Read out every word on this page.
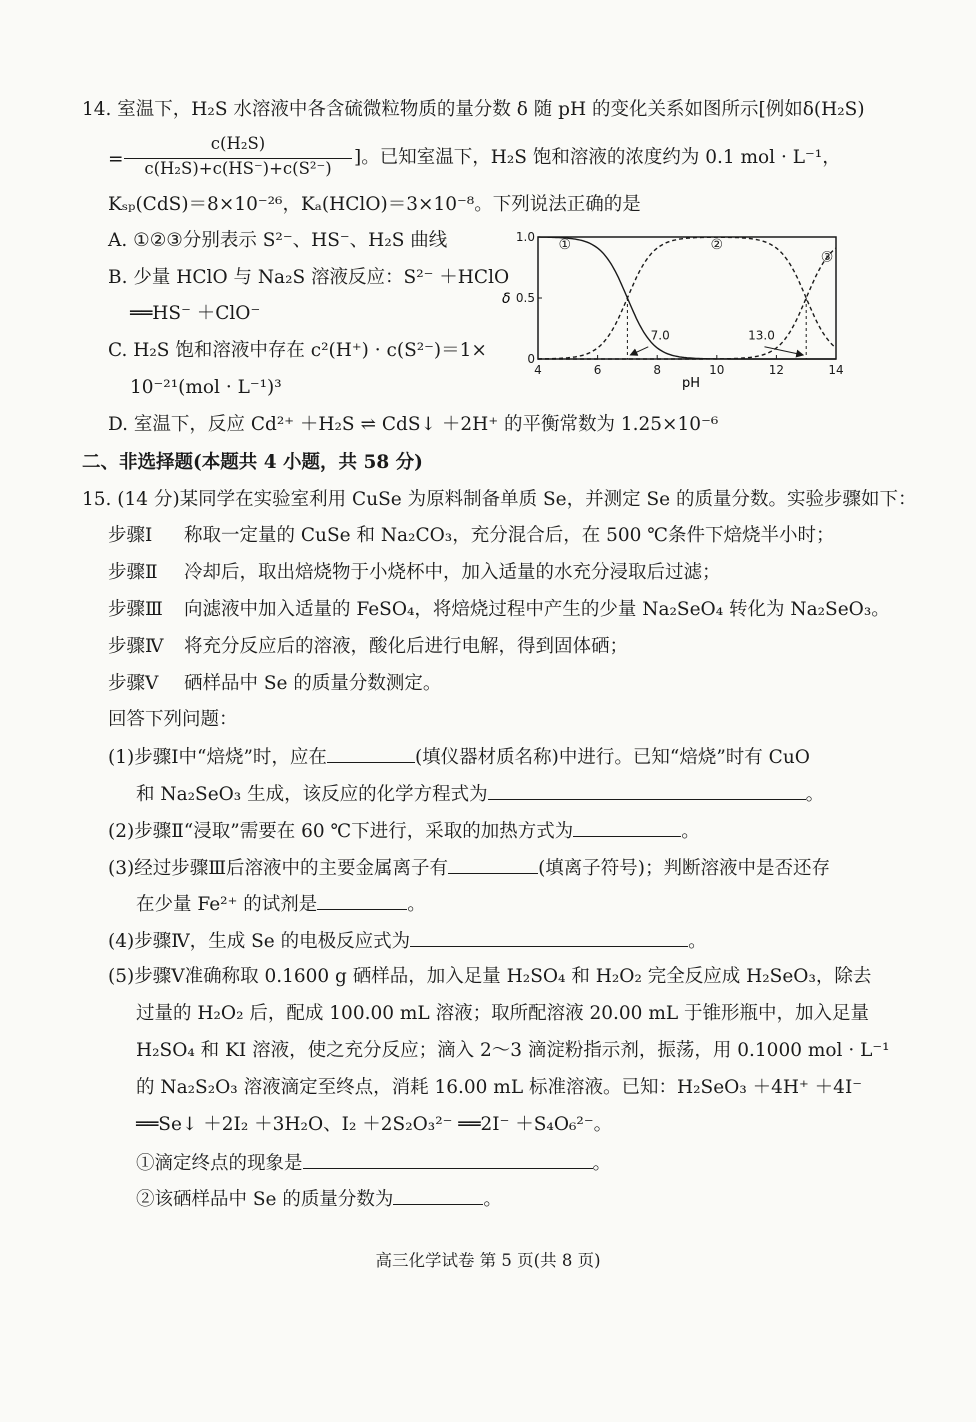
14. 室温下，H₂S 水溶液中各含硫微粒物质的量分数 δ 随 pH 的变化关系如图所示[例如δ(H₂S)
=
c(H₂S)
c(H₂S)+c(HS⁻)+c(S²⁻)
]。已知室温下，H₂S 饱和溶液的浓度约为 0.1 mol · L⁻¹，
Kₛₚ(CdS)＝8×10⁻²⁶，Kₐ(HClO)＝3×10⁻⁸。下列说法正确的是
A. ①②③分别表示 S²⁻、HS⁻、H₂S 曲线
B. 少量 HClO 与 Na₂S 溶液反应：S²⁻ ＋HClO
══HS⁻ ＋ClO⁻
C. H₂S 饱和溶液中存在 c²(H⁺) · c(S²⁻)＝1×
10⁻²¹(mol · L⁻¹)³
D. 室温下，反应 Cd²⁺ ＋H₂S ⇌ CdS↓ ＋2H⁺ 的平衡常数为 1.25×10⁻⁶
δ
pH
4	6	8	10	12	14
0
0.5
1.0
①	②
③
7.0	13.0
二、非选择题(本题共 4 小题，共 58 分)
15. (14 分)某同学在实验室利用 CuSe 为原料制备单质 Se，并测定 Se 的质量分数。实验步骤如下：
步骤Ⅰ 称取一定量的 CuSe 和 Na₂CO₃，充分混合后，在 500 ℃条件下焙烧半小时；
步骤Ⅱ 冷却后，取出焙烧物于小烧杯中，加入适量的水充分浸取后过滤；
步骤Ⅲ 向滤液中加入适量的 FeSO₄，将焙烧过程中产生的少量 Na₂SeO₄ 转化为 Na₂SeO₃。
步骤Ⅳ 将充分反应后的溶液，酸化后进行电解，得到固体硒；
步骤Ⅴ 硒样品中 Se 的质量分数测定。
回答下列问题：
(1)步骤Ⅰ中“焙烧”时，应在	(填仪器材质名称)中进行。已知“焙烧”时有 CuO
和 Na₂SeO₃ 生成，该反应的化学方程式为	。
(2)步骤Ⅱ“浸取”需要在 60 ℃下进行，采取的加热方式为	。
(3)经过步骤Ⅲ后溶液中的主要金属离子有	(填离子符号)；判断溶液中是否还存
在少量 Fe²⁺ 的试剂是	。
(4)步骤Ⅳ，生成 Se 的电极反应式为	。
(5)步骤Ⅴ准确称取 0.1600 g 硒样品，加入足量 H₂SO₄ 和 H₂O₂ 完全反应成 H₂SeO₃，除去
过量的 H₂O₂ 后，配成 100.00 mL 溶液；取所配溶液 20.00 mL 于锥形瓶中，加入足量
H₂SO₄ 和 KI 溶液，使之充分反应；滴入 2～3 滴淀粉指示剂，振荡，用 0.1000 mol · L⁻¹
的 Na₂S₂O₃ 溶液滴定至终点，消耗 16.00 mL 标准溶液。已知：H₂SeO₃ ＋4H⁺ ＋4I⁻
══Se↓ ＋2I₂ ＋3H₂O、I₂ ＋2S₂O₃²⁻ ══2I⁻ ＋S₄O₆²⁻。
①滴定终点的现象是	。
②该硒样品中 Se 的质量分数为	。
高三化学试卷 第 5 页(共 8 页)
